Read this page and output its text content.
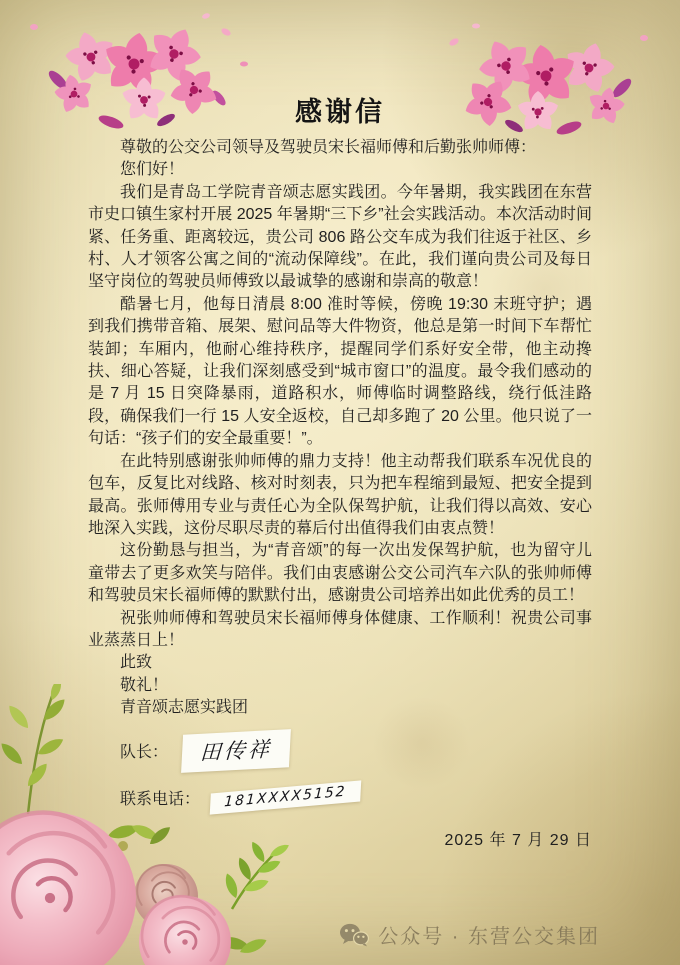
感谢信

尊敬的公交公司领导及驾驶员宋长福师傅和后勤张帅师傅：

您们好！

我们是青岛工学院青音颂志愿实践团。今年暑期，我实践团在东营市史口镇生家村开展 2025 年暑期“三下乡”社会实践活动。本次活动时间紧、任务重、距离较远，贵公司 806 路公交车成为我们往返于社区、乡村、人才领客公寓之间的“流动保障线”。在此，我们谨向贵公司及每日坚守岗位的驾驶员师傅致以最诚挚的感谢和崇高的敬意！

酷暑七月，他每日清晨 8:00 准时等候，傍晚 19:30 末班守护；遇到我们携带音箱、展架、慰问品等大件物资，他总是第一时间下车帮忙装卸；车厢内，他耐心维持秩序，提醒同学们系好安全带，他主动搀扶、细心答疑，让我们深刻感受到“城市窗口”的温度。最令我们感动的是 7 月 15 日突降暴雨，道路积水，师傅临时调整路线，绕行低洼路段，确保我们一行 15 人安全返校，自己却多跑了 20 公里。他只说了一句话：“孩子们的安全最重要！”。

在此特别感谢张帅师傅的鼎力支持！他主动帮我们联系车况优良的包车，反复比对线路、核对时刻表，只为把车程缩到最短、把安全提到最高。张师傅用专业与责任心为全队保驾护航，让我们得以高效、安心地深入实践，这份尽职尽责的幕后付出值得我们由衷点赞！

这份勤恳与担当，为“青音颂”的每一次出发保驾护航，也为留守儿童带去了更多欢笑与陪伴。我们由衷感谢公交公司汽车六队的张帅师傅和驾驶员宋长福师傅的默默付出，感谢贵公司培养出如此优秀的员工！

祝张帅师傅和驾驶员宋长福师傅身体健康、工作顺利！祝贵公司事业蒸蒸日上！

此致

敬礼！

青音颂志愿实践团

队长：	田传祥
联系电话：	181XXXX5152
2025 年 7 月 29 日
公众号 · 东营公交集团
